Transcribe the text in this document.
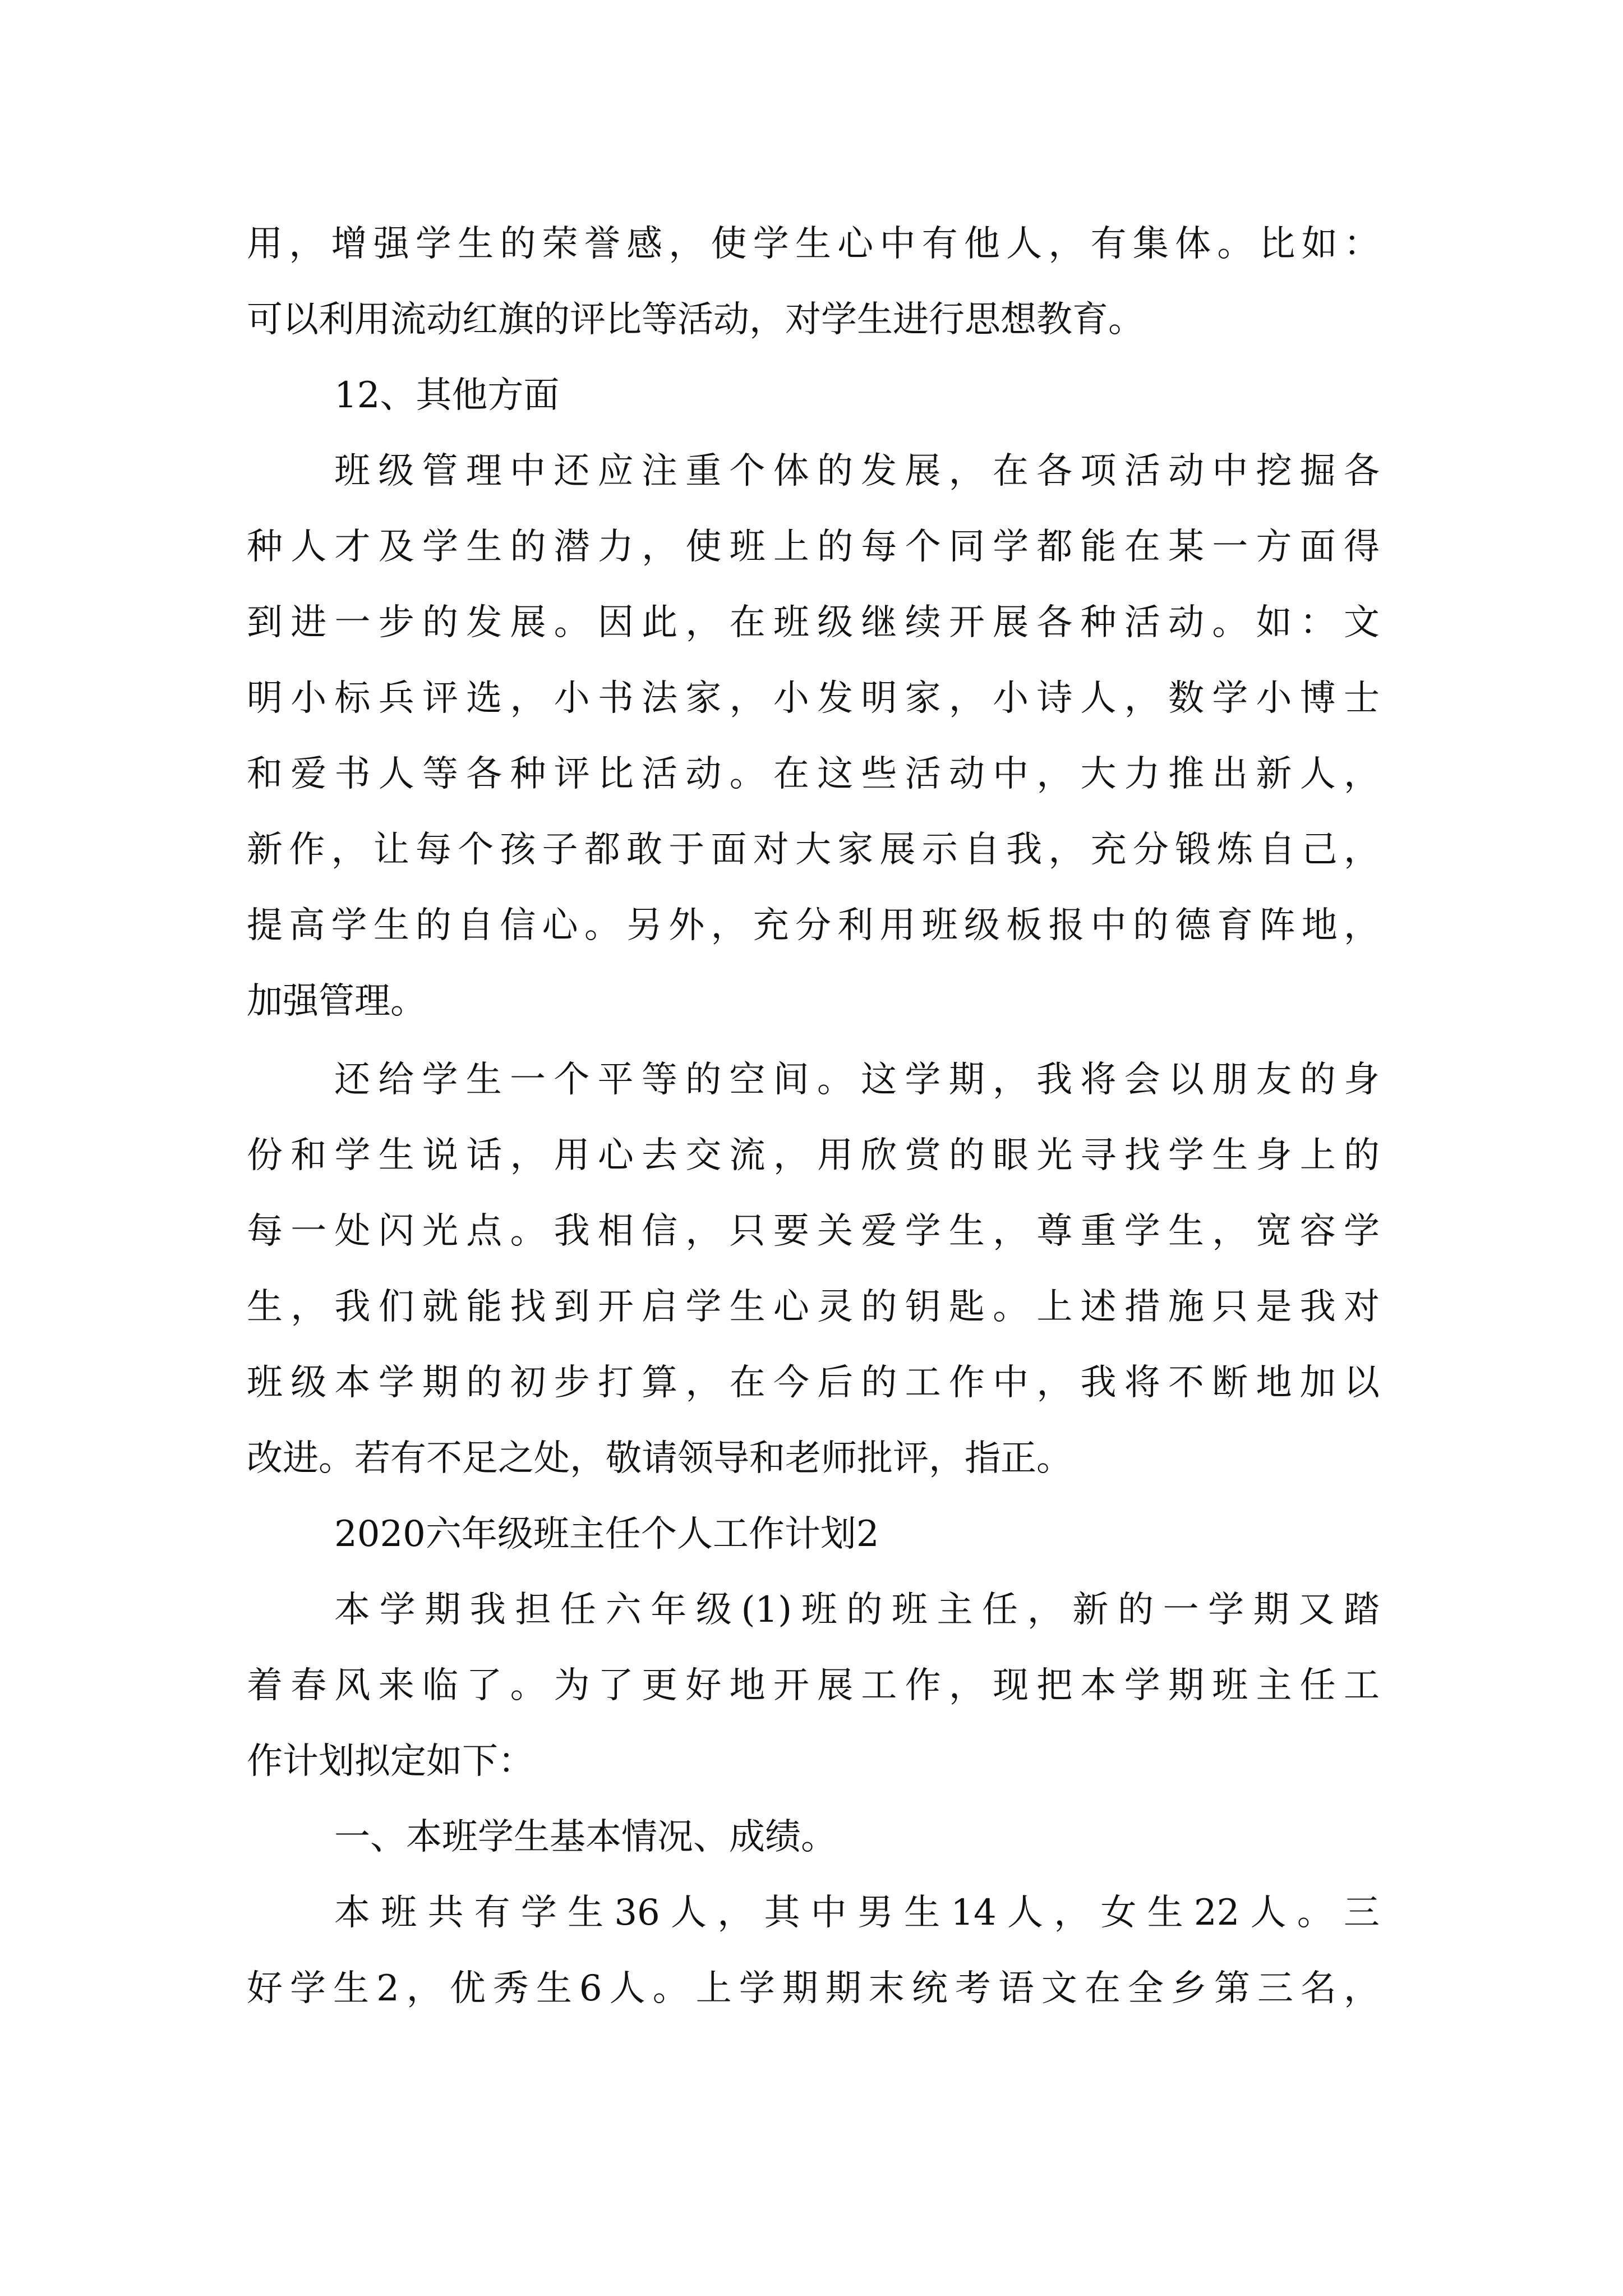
用，增强学生的荣誉感，使学生心中有他人，有集体。比如：
可以利用流动红旗的评比等活动，对学生进行思想教育。
12、其他方面
班级管理中还应注重个体的发展，在各项活动中挖掘各
种人才及学生的潜力，使班上的每个同学都能在某一方面得
到进一步的发展。因此，在班级继续开展各种活动。如：文
明小标兵评选，小书法家，小发明家，小诗人，数学小博士
和爱书人等各种评比活动。在这些活动中，大力推出新人，
新作，让每个孩子都敢于面对大家展示自我，充分锻炼自己，
提高学生的自信心。另外，充分利用班级板报中的德育阵地，
加强管理。
还给学生一个平等的空间。这学期，我将会以朋友的身
份和学生说话，用心去交流，用欣赏的眼光寻找学生身上的
每一处闪光点。我相信，只要关爱学生，尊重学生，宽容学
生，我们就能找到开启学生心灵的钥匙。上述措施只是我对
班级本学期的初步打算，在今后的工作中，我将不断地加以
改进。若有不足之处，敬请领导和老师批评，指正。
2020六年级班主任个人工作计划2
本学期我担任六年级(1)班的班主任，新的一学期又踏
着春风来临了。为了更好地开展工作，现把本学期班主任工
作计划拟定如下：
一、本班学生基本情况、成绩。
本班共有学生36人，其中男生14人，女生22人。三
好学生2，优秀生6人。上学期期末统考语文在全乡第三名，
